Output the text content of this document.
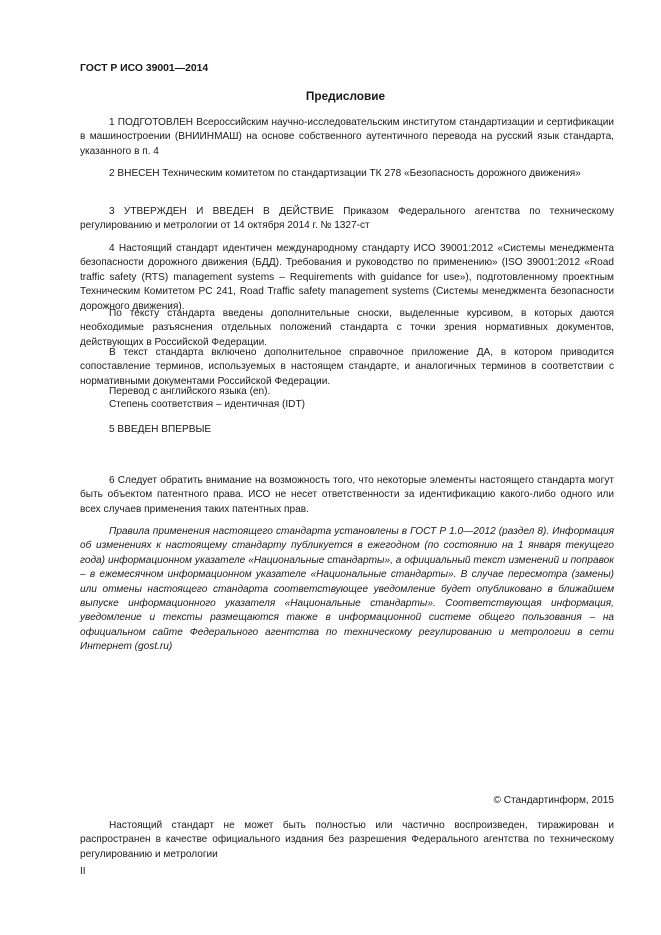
ГОСТ Р ИСО 39001—2014
Предисловие
1 ПОДГОТОВЛЕН Всероссийским научно-исследовательским институтом стандартизации и сертификации в машиностроении (ВНИИНМАШ) на основе собственного аутентичного перевода на русский язык стандарта, указанного в п. 4
2 ВНЕСЕН Техническим комитетом по стандартизации ТК 278 «Безопасность дорожного движения»
3 УТВЕРЖДЕН И ВВЕДЕН В ДЕЙСТВИЕ Приказом Федерального агентства по техническому регулированию и метрологии от 14 октября 2014 г. № 1327-ст
4 Настоящий стандарт идентичен международному стандарту ИСО 39001:2012 «Системы менеджмента безопасности дорожного движения (БДД). Требования и руководство по применению» (ISO 39001:2012 «Road traffic safety (RTS) management systems – Requirements with guidance for use»), подготовленному проектным Техническим Комитетом PC 241, Road Traffic safety management systems (Системы менеджмента безопасности дорожного движения).
По тексту стандарта введены дополнительные сноски, выделенные курсивом, в которых даются необходимые разъяснения отдельных положений стандарта с точки зрения нормативных документов, действующих в Российской Федерации.
В текст стандарта включено дополнительное справочное приложение ДА, в котором приводится сопоставление терминов, используемых в настоящем стандарте, и аналогичных терминов в соответствии с нормативными документами Российской Федерации.
Перевод с английского языка (en).
Степень соответствия – идентичная (IDT)
5 ВВЕДЕН ВПЕРВЫЕ
6 Следует обратить внимание на возможность того, что некоторые элементы настоящего стандарта могут быть объектом патентного права. ИСО не несет ответственности за идентификацию какого-либо одного или всех случаев применения таких патентных прав.
Правила применения настоящего стандарта установлены в ГОСТ Р 1.0—2012 (раздел 8). Информация об изменениях к настоящему стандарту публикуется в ежегодном (по состоянию на 1 января текущего года) информационном указателе «Национальные стандарты», а официальный текст изменений и поправок – в ежемесячном информационном указателе «Национальные стандарты». В случае пересмотра (замены) или отмены настоящего стандарта соответствующее уведомление будет опубликовано в ближайшем выпуске информационного указателя «Национальные стандарты». Соответствующая информация, уведомление и тексты размещаются также в информационной системе общего пользования – на официальном сайте Федерального агентства по техническому регулированию и метрологии в сети Интернет (gost.ru)
© Стандартинформ, 2015
Настоящий стандарт не может быть полностью или частично воспроизведен, тиражирован и распространен в качестве официального издания без разрешения Федерального агентства по техническому регулированию и метрологии
II
